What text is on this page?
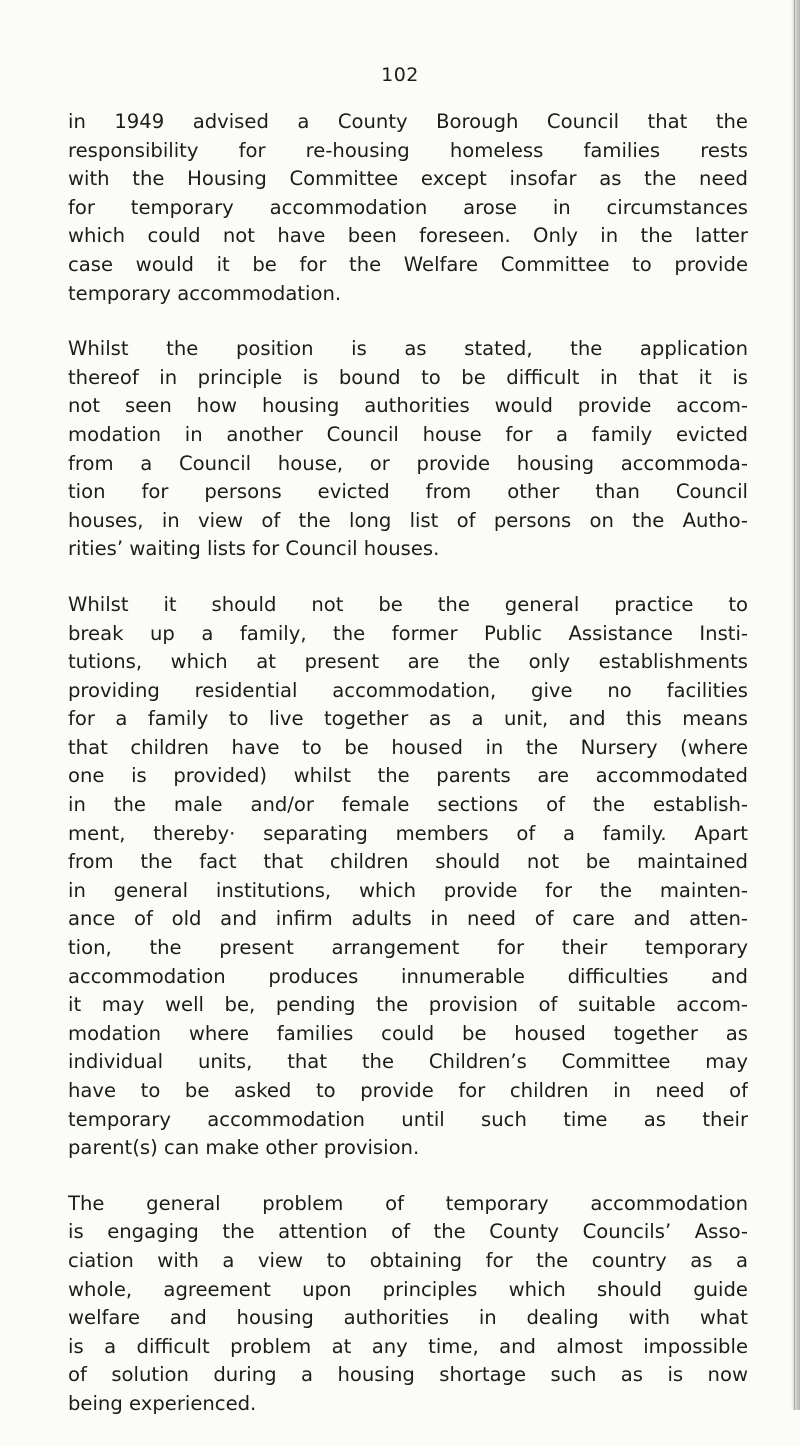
102
in 1949 advised a County Borough Council that the
responsibility for re-housing homeless families rests
with the Housing Committee except insofar as the need
for temporary accommodation arose in circumstances
which could not have been foreseen. Only in the latter
case would it be for the Welfare Committee to provide
temporary accommodation.
Whilst the position is as stated, the application
thereof in principle is bound to be difficult in that it is
not seen how housing authorities would provide accom-
modation in another Council house for a family evicted
from a Council house, or provide housing accommoda-
tion for persons evicted from other than Council
houses, in view of the long list of persons on the Autho-
rities’ waiting lists for Council houses.
Whilst it should not be the general practice to
break up a family, the former Public Assistance Insti-
tutions, which at present are the only establishments
providing residential accommodation, give no facilities
for a family to live together as a unit, and this means
that children have to be housed in the Nursery (where
one is provided) whilst the parents are accommodated
in the male and/or female sections of the establish-
ment, thereby· separating members of a family. Apart
from the fact that children should not be maintained
in general institutions, which provide for the mainten-
ance of old and infirm adults in need of care and atten-
tion, the present arrangement for their temporary
accommodation produces innumerable difficulties and
it may well be, pending the provision of suitable accom-
modation where families could be housed together as
individual units, that the Children’s Committee may
have to be asked to provide for children in need of
temporary accommodation until such time as their
parent(s) can make other provision.
The general problem of temporary accommodation
is engaging the attention of the County Councils’ Asso-
ciation with a view to obtaining for the country as a
whole, agreement upon principles which should guide
welfare and housing authorities in dealing with what
is a difficult problem at any time, and almost impossible
of solution during a housing shortage such as is now
being experienced.
